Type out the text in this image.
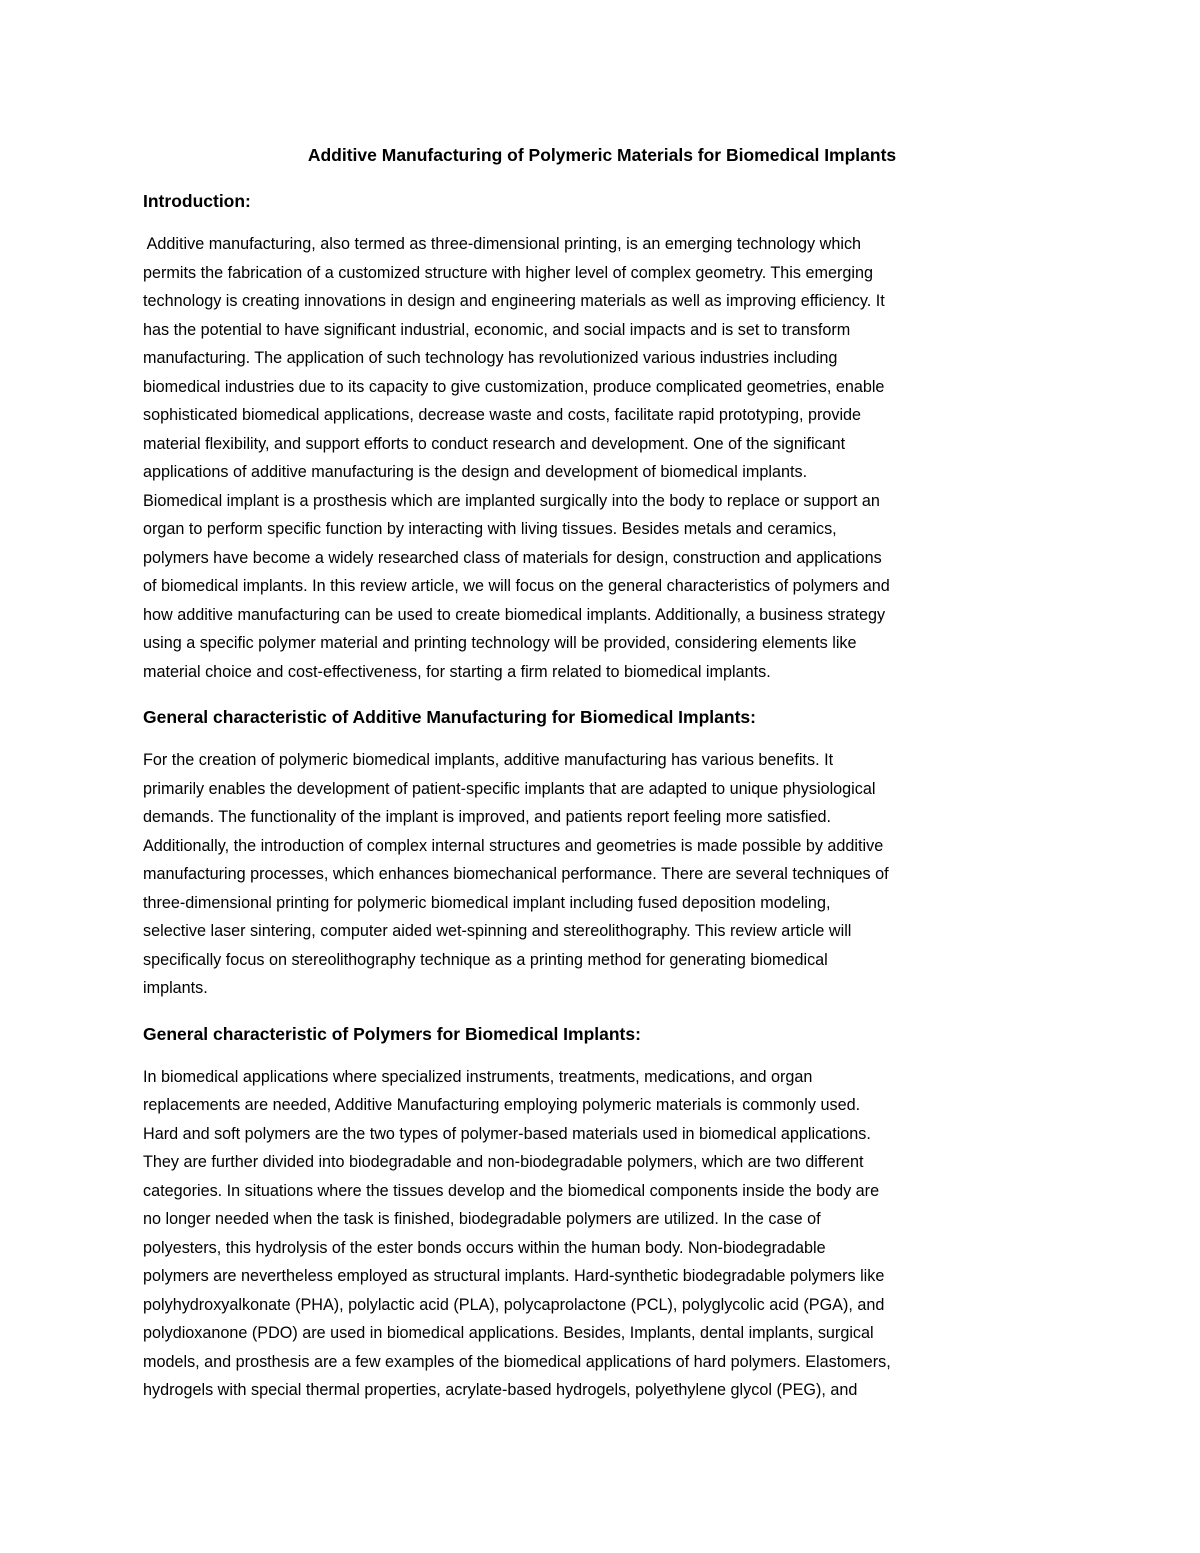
Additive Manufacturing of Polymeric Materials for Biomedical Implants
Introduction:

Additive manufacturing, also termed as three-dimensional printing, is an emerging technology which
permits the fabrication of a customized structure with higher level of complex geometry. This emerging
technology is creating innovations in design and engineering materials as well as improving efficiency. It
has the potential to have significant industrial, economic, and social impacts and is set to transform
manufacturing. The application of such technology has revolutionized various industries including
biomedical industries due to its capacity to give customization, produce complicated geometries, enable
sophisticated biomedical applications, decrease waste and costs, facilitate rapid prototyping, provide
material flexibility, and support efforts to conduct research and development. One of the significant
applications of additive manufacturing is the design and development of biomedical implants.
Biomedical implant is a prosthesis which are implanted surgically into the body to replace or support an
organ to perform specific function by interacting with living tissues. Besides metals and ceramics,
polymers have become a widely researched class of materials for design, construction and applications
of biomedical implants. In this review article, we will focus on the general characteristics of polymers and
how additive manufacturing can be used to create biomedical implants. Additionally, a business strategy
using a specific polymer material and printing technology will be provided, considering elements like
material choice and cost-effectiveness, for starting a firm related to biomedical implants.

General characteristic of Additive Manufacturing for Biomedical Implants:

For the creation of polymeric biomedical implants, additive manufacturing has various benefits. It
primarily enables the development of patient-specific implants that are adapted to unique physiological
demands. The functionality of the implant is improved, and patients report feeling more satisfied.
Additionally, the introduction of complex internal structures and geometries is made possible by additive
manufacturing processes, which enhances biomechanical performance. There are several techniques of
three-dimensional printing for polymeric biomedical implant including fused deposition modeling,
selective laser sintering, computer aided wet-spinning and stereolithography. This review article will
specifically focus on stereolithography technique as a printing method for generating biomedical
implants.

General characteristic of Polymers for Biomedical Implants:

In biomedical applications where specialized instruments, treatments, medications, and organ
replacements are needed, Additive Manufacturing employing polymeric materials is commonly used.
Hard and soft polymers are the two types of polymer-based materials used in biomedical applications.
They are further divided into biodegradable and non-biodegradable polymers, which are two different
categories. In situations where the tissues develop and the biomedical components inside the body are
no longer needed when the task is finished, biodegradable polymers are utilized. In the case of
polyesters, this hydrolysis of the ester bonds occurs within the human body. Non-biodegradable
polymers are nevertheless employed as structural implants. Hard-synthetic biodegradable polymers like
polyhydroxyalkonate (PHA), polylactic acid (PLA), polycaprolactone (PCL), polyglycolic acid (PGA), and
polydioxanone (PDO) are used in biomedical applications. Besides, Implants, dental implants, surgical
models, and prosthesis are a few examples of the biomedical applications of hard polymers. Elastomers,
hydrogels with special thermal properties, acrylate-based hydrogels, polyethylene glycol (PEG), and
